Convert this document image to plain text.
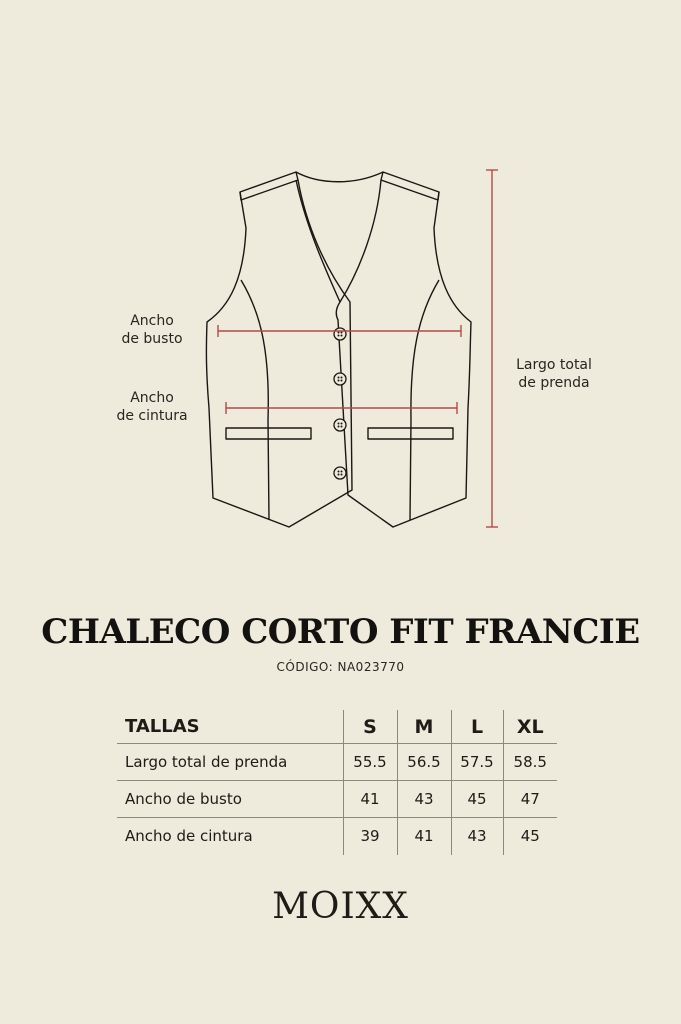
Ancho
de busto
Ancho
de cintura
Largo total
de prenda
CHALECO CORTO FIT FRANCIE
CÓDIGO: NA023770
TALLAS	S	M	L	XL
Largo total de prenda	55.5	56.5	57.5	58.5
Ancho de busto	41	43	45	47
Ancho de cintura	39	41	43	45
MOIXX
